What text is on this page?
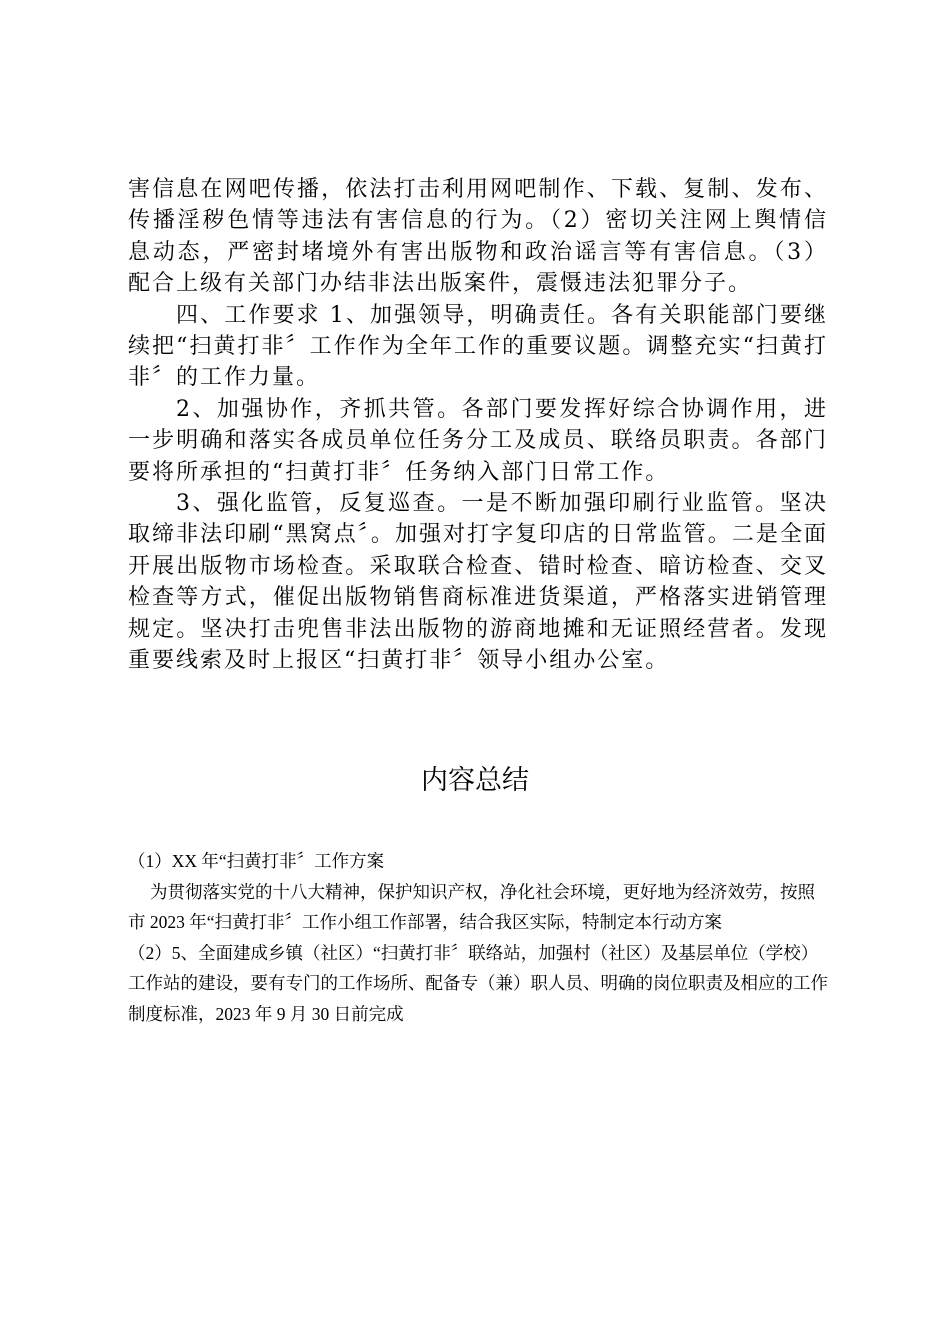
害信息在网吧传播，依法打击利用网吧制作、下载、复制、发布、传播淫秽色情等违法有害信息的行为。（2）密切关注网上舆情信息动态，严密封堵境外有害出版物和政治谣言等有害信息。（3）配合上级有关部门办结非法出版案件，震慑违法犯罪分子。

四、工作要求 1、加强领导，明确责任。各有关职能部门要继续把“扫黄打非〞工作作为全年工作的重要议题。调整充实“扫黄打非〞的工作力量。

2、加强协作，齐抓共管。各部门要发挥好综合协调作用，进一步明确和落实各成员单位任务分工及成员、联络员职责。各部门要将所承担的“扫黄打非〞任务纳入部门日常工作。

3、强化监管，反复巡查。一是不断加强印刷行业监管。坚决取缔非法印刷“黑窝点〞。加强对打字复印店的日常监管。二是全面开展出版物市场检查。采取联合检查、错时检查、暗访检查、交叉检查等方式，催促出版物销售商标准进货渠道，严格落实进销管理规定。坚决打击兜售非法出版物的游商地摊和无证照经营者。发现重要线索及时上报区“扫黄打非〞领导小组办公室。

内容总结

（1）XX 年“扫黄打非〞工作方案

为贯彻落实党的十八大精神，保护知识产权，净化社会环境，更好地为经济效劳，按照市 2023 年“扫黄打非〞工作小组工作部署，结合我区实际，特制定本行动方案

（2）5、全面建成乡镇（社区）“扫黄打非〞联络站，加强村（社区）及基层单位（学校）工作站的建设，要有专门的工作场所、配备专（兼）职人员、明确的岗位职责及相应的工作制度标准，2023 年 9 月 30 日前完成
